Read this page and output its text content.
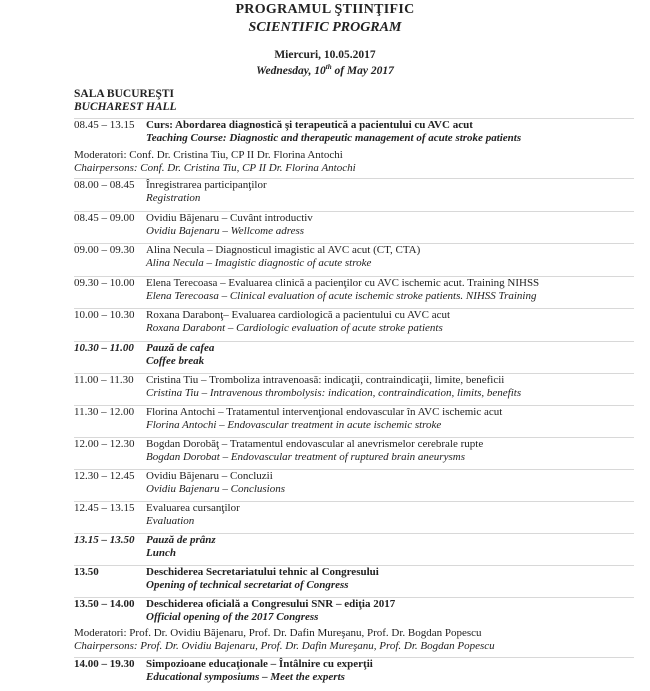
PROGRAMUL ŞTIINŢIFIC
SCIENTIFIC PROGRAM
Miercuri, 10.05.2017
Wednesday, 10th of May 2017
SALA BUCUREŞTI
BUCHAREST HALL
08.45 – 13.15	Curs: Abordarea diagnostică şi terapeutică a pacientului cu AVC acut
Teaching Course: Diagnostic and therapeutic management of acute stroke patients
Moderatori: Conf. Dr. Cristina Tiu, CP II Dr. Florina Antochi
Chairpersons: Conf. Dr. Cristina Tiu, CP II Dr. Florina Antochi
08.00 – 08.45	Înregistrarea participanţilor
Registration
08.45 – 09.00	Ovidiu Băjenaru – Cuvânt introductiv
Ovidiu Bajenaru – Wellcome adress
09.00 – 09.30	Alina Necula – Diagnosticul imagistic al AVC acut (CT, CTA)
Alina Necula – Imagistic diagnostic of acute stroke
09.30 – 10.00	Elena Terecoasa – Evaluarea clinică a pacienţilor cu AVC ischemic acut. Training NIHSS
Elena Terecoasa – Clinical evaluation of acute ischemic stroke patients. NIHSS Training
10.00 – 10.30	Roxana Darabonţ– Evaluarea cardiologică a pacientului cu AVC acut
Roxana Darabont – Cardiologic evaluation of acute stroke patients
10.30 – 11.00	Pauză de cafea
Coffee break
11.00 – 11.30	Cristina Tiu – Tromboliza intravenoasă: indicaţii, contraindicaţii, limite, beneficii
Cristina Tiu – Intravenous thrombolysis: indication, contraindication, limits, benefits
11.30 – 12.00	Florina Antochi – Tratamentul intervenţional endovascular în AVC ischemic acut
Florina Antochi – Endovascular treatment in acute ischemic stroke
12.00 – 12.30	Bogdan Dorobăţ – Tratamentul endovascular al anevrismelor cerebrale rupte
Bogdan Dorobat – Endovascular treatment of ruptured brain aneurysms
12.30 – 12.45	Ovidiu Băjenaru – Concluzii
Ovidiu Bajenaru – Conclusions
12.45 – 13.15	Evaluarea cursanţilor
Evaluation
13.15 – 13.50	Pauză de prânz
Lunch
13.50	Deschiderea Secretariatului tehnic al Congresului
Opening of technical secretariat of Congress
13.50 – 14.00	Deschiderea oficială a Congresului SNR – ediţia 2017
Official opening of the 2017 Congress
Moderatori: Prof. Dr. Ovidiu Băjenaru, Prof. Dr. Dafin Mureşanu, Prof. Dr. Bogdan Popescu
Chairpersons: Prof. Dr. Ovidiu Bajenaru, Prof. Dr. Dafin Mureşanu, Prof. Dr. Bogdan Popescu
14.00 – 19.30	Simpozioane educaţionale – Întâlnire cu experţii
Educational symposiums – Meet the experts
